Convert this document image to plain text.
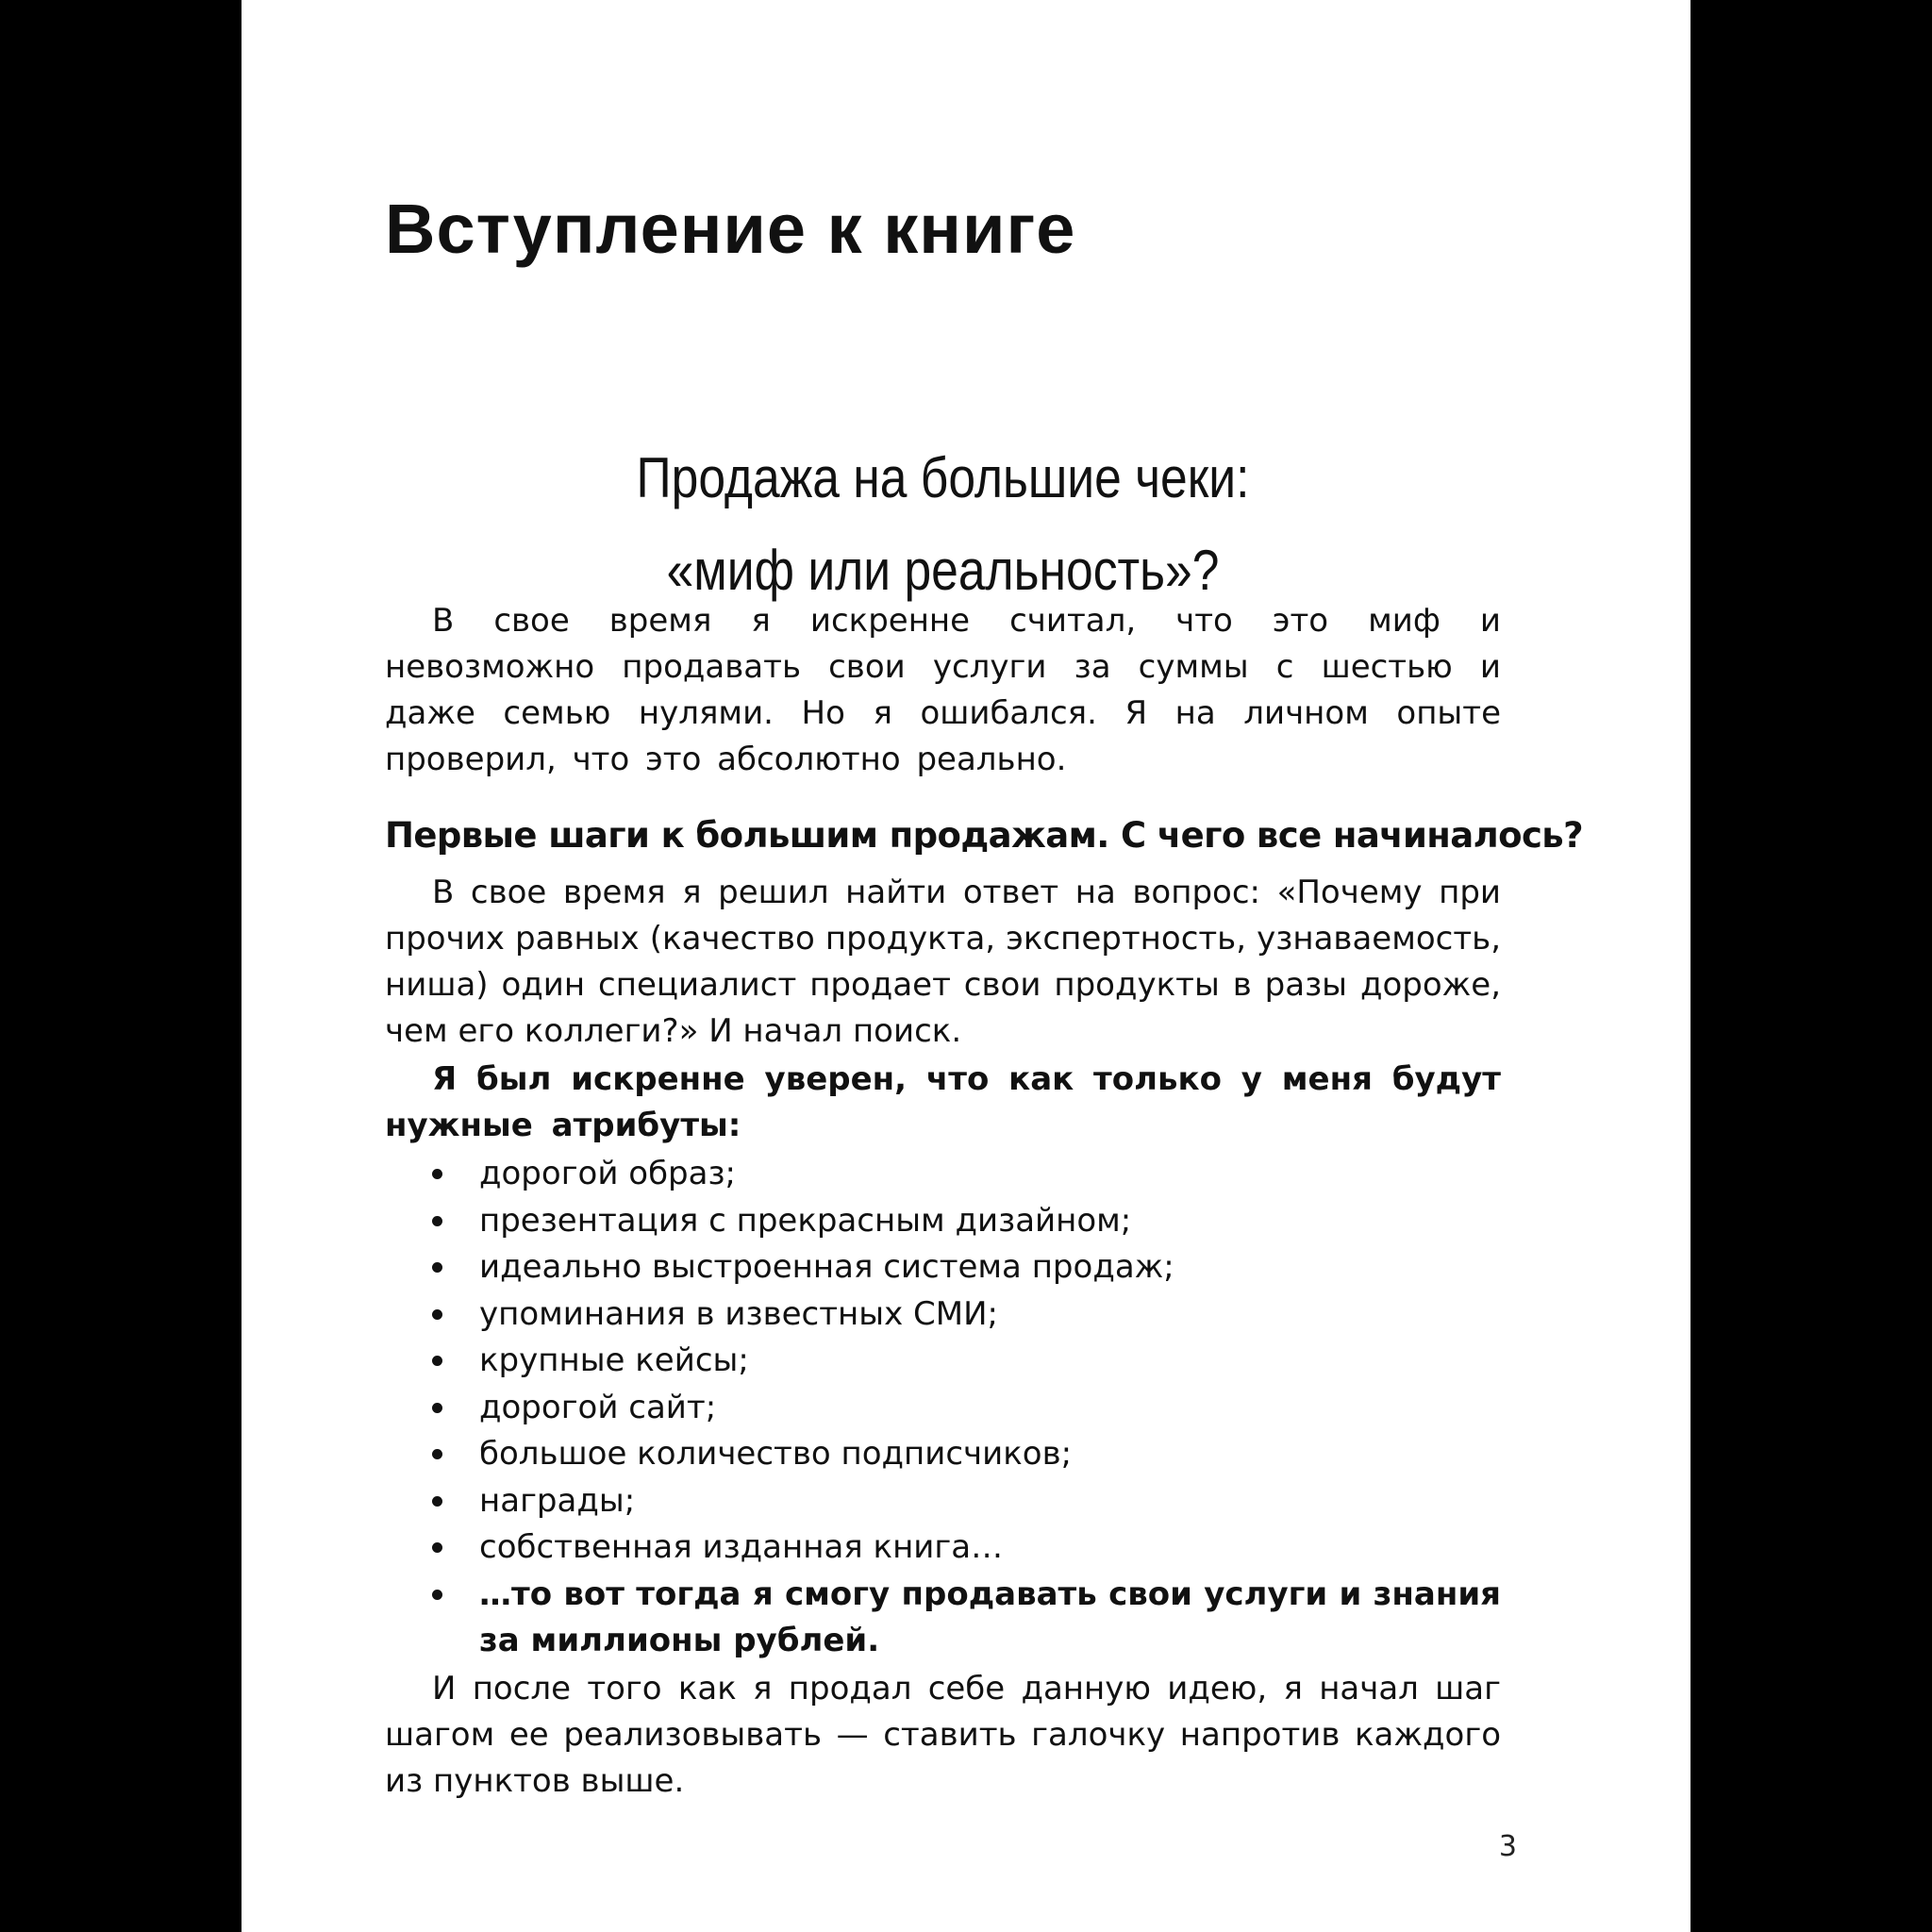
Вступление к книге
Продажа на большие чеки:
«миф или реальность»?

В свое время я искренне считал, что это миф и невозможно продавать свои услуги за суммы с шестью и даже семью нулями. Но я ошибался. Я на личном опыте проверил, что это абсолютно реально.

Первые шаги к большим продажам. С чего все начиналось?

В свое время я решил найти ответ на вопрос: «Почему при прочих равных (качество продукта, экспертность, узнаваемость, ниша) один специалист продает свои продукты в разы дороже, чем его коллеги?» И начал поиск.

Я был искренне уверен, что как только у меня будут нужные атрибуты:

дорогой образ;
презентация с прекрасным дизайном;
идеально выстроенная система продаж;
упоминания в известных СМИ;
крупные кейсы;
дорогой сайт;
большое количество подписчиков;
награды;
собственная изданная книга…
…то вот тогда я смогу продавать свои услуги и знания за миллионы рублей.

И после того как я продал себе данную идею, я начал шаг шагом ее реализовывать — ставить галочку напротив каждого из пунктов выше.

3
